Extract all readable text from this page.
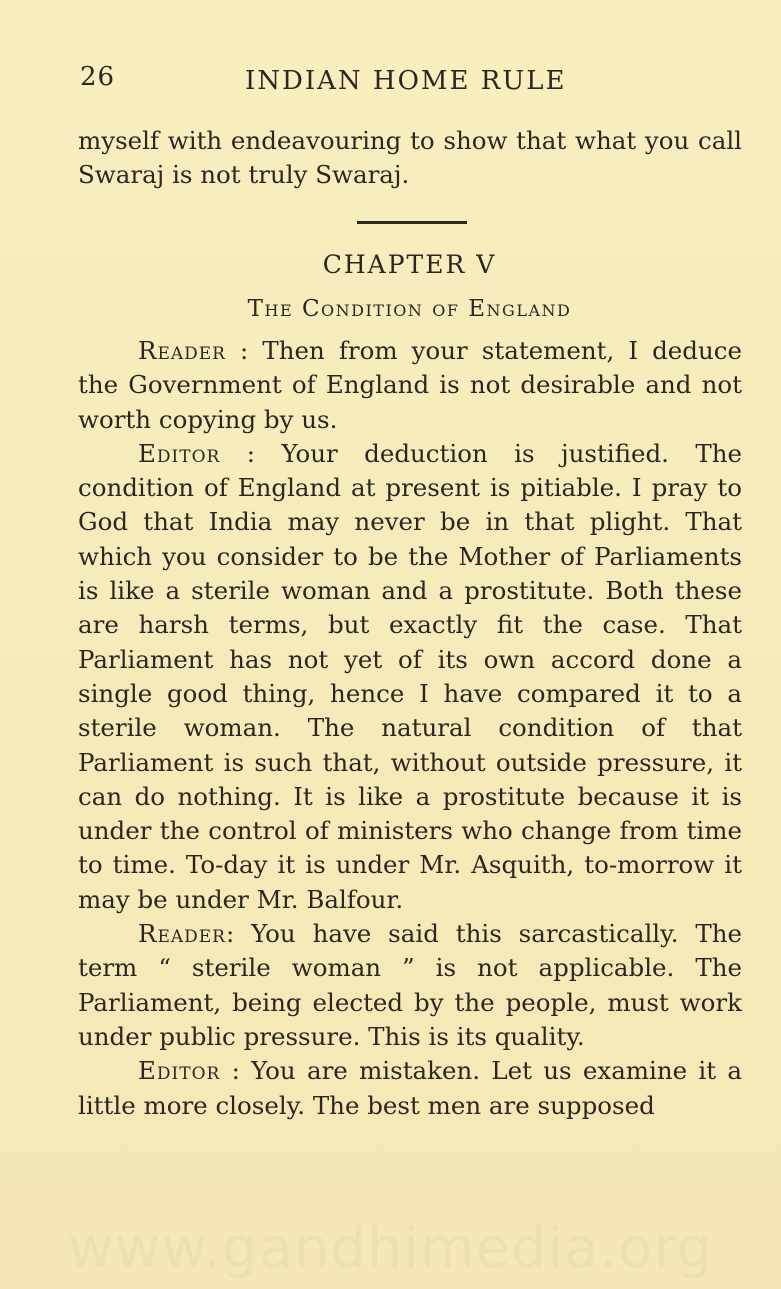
26	INDIAN HOME RULE

myself with endeavouring to show that what you call Swaraj is not truly Swaraj.

CHAPTER V
The Condition of England

Reader : Then from your statement, I deduce the Government of England is not desirable and not worth copying by us.

Editor : Your deduction is justified. The condition of England at present is pitiable. I pray to God that India may never be in that plight. That which you consider to be the Mother of Parliaments is like a sterile woman and a prostitute. Both these are harsh terms, but exactly fit the case. That Parliament has not yet of its own accord done a single good thing, hence I have compared it to a sterile woman. The natural condition of that Parliament is such that, without outside pressure, it can do nothing. It is like a prostitute because it is under the control of ministers who change from time to time. To-day it is under Mr. Asquith, to-morrow it may be under Mr. Balfour.

Reader: You have said this sarcastically. The term “ sterile woman ” is not applicable. The Parliament, being elected by the people, must work under public pressure. This is its quality.

Editor : You are mistaken. Let us examine it a little more closely. The best men are supposed

www.gandhimedia.org
